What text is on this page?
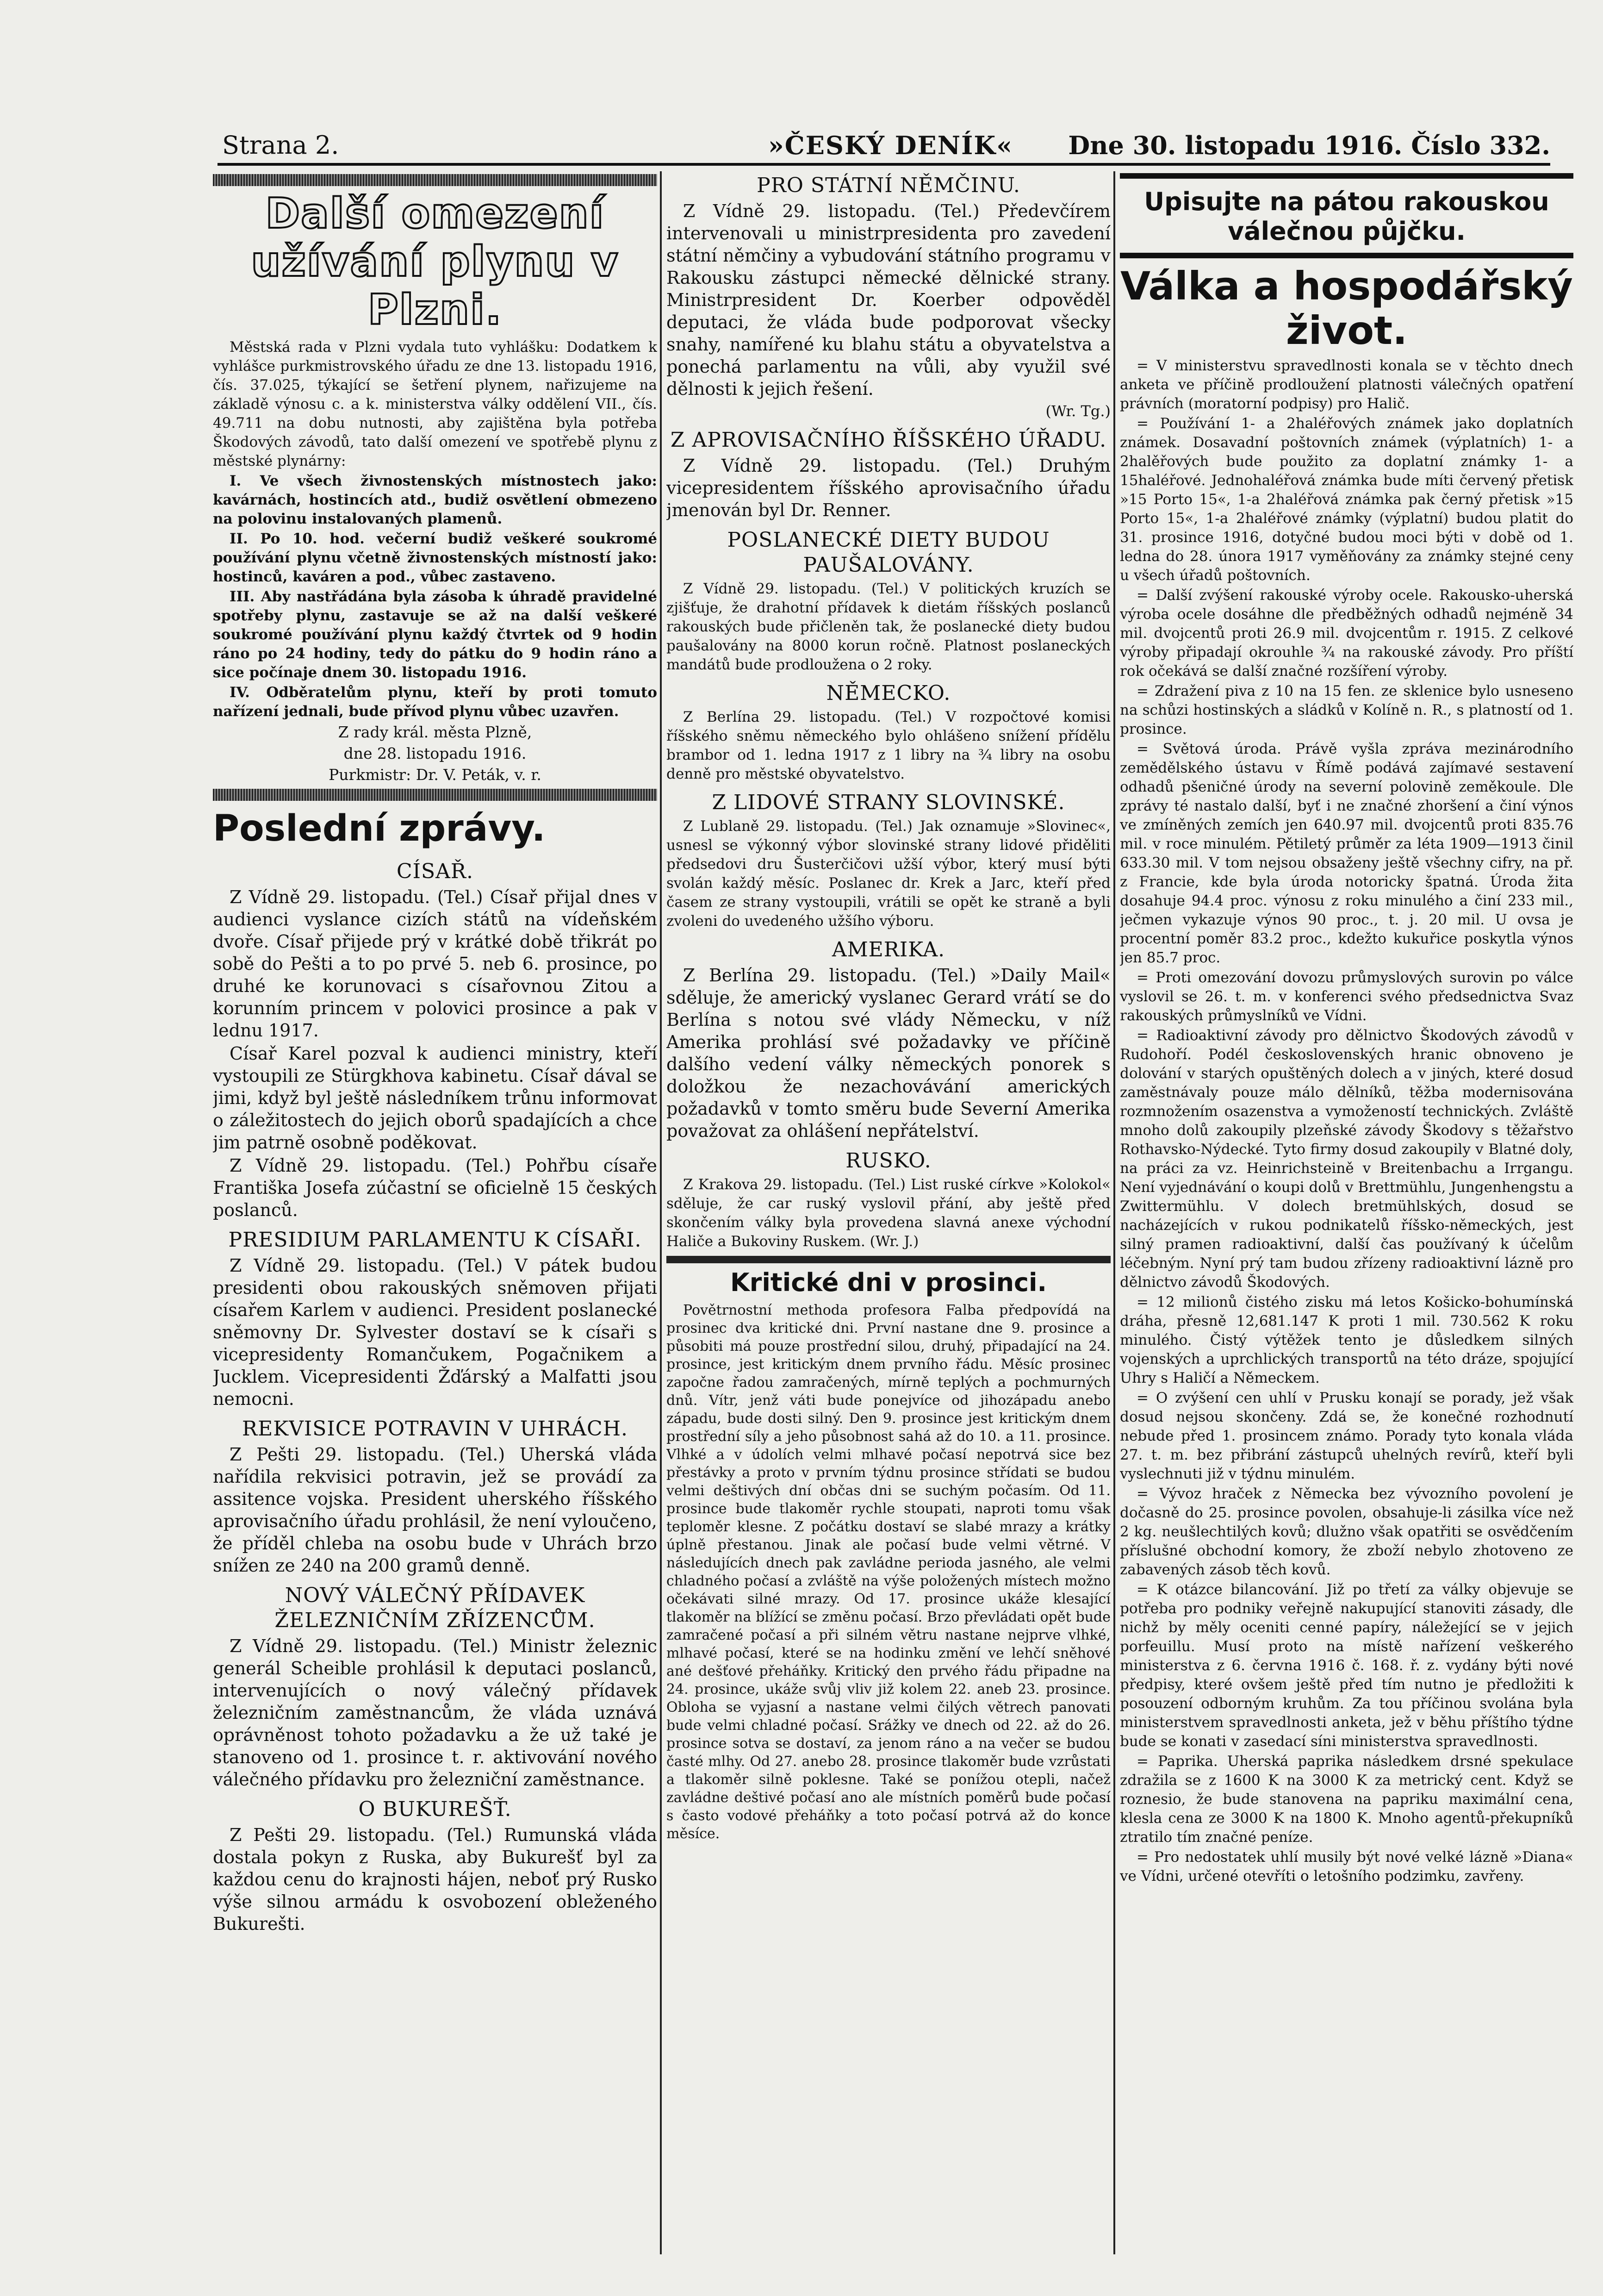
Strana 2.	»ČESKÝ DENÍK« Dne 30. listopadu 1916. Číslo 332.
Další omezení užívání plynu v Plzni.
Městská rada v Plzni vydala tuto vyhlášku: Dodatkem k vyhlášce purkmistrovského úřadu ze dne 13. listopadu 1916, čís. 37.025, týkající se šetření plynem, nařizujeme na základě výnosu c. a k. ministerstva války oddělení VII., čís. 49.711 na dobu nutnosti, aby zajištěna byla potřeba Škodových závodů, tato další omezení ve spotřebě plynu z městské plynárny:
I. Ve všech živnostenských místnostech jako: kavárnách, hostincích atd., budiž osvětlení obmezeno na polovinu instalovaných plamenů.
II. Po 10. hod. večerní budiž veškeré soukromé používání plynu včetně živnostenských místností jako: hostinců, kaváren a pod., vůbec zastaveno.
III. Aby nastřádána byla zásoba k úhradě pravidelné spotřeby plynu, zastavuje se až na další veškeré soukromé používání plynu každý čtvrtek od 9 hodin ráno po 24 hodiny, tedy do pátku do 9 hodin ráno a sice počínaje dnem 30. listopadu 1916.
IV. Odběratelům plynu, kteří by proti tomuto nařízení jednali, bude přívod plynu vůbec uzavřen.
Z rady král. města Plzně,
dne 28. listopadu 1916.
Purkmistr: Dr. V. Peták, v. r.
Poslední zprávy.
CÍSAŘ.
Z Vídně 29. listopadu. (Tel.) Císař přijal dnes v audienci vyslance cizích států na vídeňském dvoře. Císař přijede prý v krátké době třikrát po sobě do Pešti a to po prvé 5. neb 6. prosince, po druhé ke korunovaci s císařovnou Zitou a korunním princem v polovici prosince a pak v lednu 1917.
Císař Karel pozval k audienci ministry, kteří vystoupili ze Stürgkhova kabinetu. Císař dával se jimi, když byl ještě následníkem trůnu informovat o záležitostech do jejich oborů spadajících a chce jim patrně osobně poděkovat.
Z Vídně 29. listopadu. (Tel.) Pohřbu císaře Františka Josefa zúčastní se oficielně 15 českých poslanců.
PRESIDIUM PARLAMENTU K CÍSAŘI.
Z Vídně 29. listopadu. (Tel.) V pátek budou presidenti obou rakouských sněmoven přijati císařem Karlem v audienci. President poslanecké sněmovny Dr. Sylvester dostaví se k císaři s vicepresidenty Romančukem, Pogačnikem a Jucklem. Vicepresidenti Žďárský a Malfatti jsou nemocni.
REKVISICE POTRAVIN V UHRÁCH.
Z Pešti 29. listopadu. (Tel.) Uherská vláda nařídila rekvisici potravin, jež se provádí za assitence vojska. President uherského říšského aprovisačního úřadu prohlásil, že není vyloučeno, že příděl chleba na osobu bude v Uhrách brzo snížen ze 240 na 200 gramů denně.
NOVÝ VÁLEČNÝ PŘÍDAVEK ŽELEZNIČNÍM ZŘÍZENCŮM.
Z Vídně 29. listopadu. (Tel.) Ministr železnic generál Scheible prohlásil k deputaci poslanců, intervenujících o nový válečný přídavek železničním zaměstnancům, že vláda uznává oprávněnost tohoto požadavku a že už také je stanoveno od 1. prosince t. r. aktivování nového válečného přídavku pro železniční zaměstnance.
O BUKUREŠŤ.
Z Pešti 29. listopadu. (Tel.) Rumunská vláda dostala pokyn z Ruska, aby Bukurešť byl za každou cenu do krajnosti hájen, neboť prý Rusko výše silnou armádu k osvobození obleženého Bukurešti.
PRO STÁTNÍ NĚMČINU.
Z Vídně 29. listopadu. (Tel.) Předevčírem intervenovali u ministrpresidenta pro zavedení státní němčiny a vybudování státního programu v Rakousku zástupci německé dělnické strany. Ministrpresident Dr. Koerber odpověděl deputaci, že vláda bude podporovat všecky snahy, namířené ku blahu státu a obyvatelstva a ponechá parlamentu na vůli, aby využil své dělnosti k jejich řešení.
(Wr. Tg.)
Z APROVISAČNÍHO ŘÍŠSKÉHO ÚŘADU.
Z Vídně 29. listopadu. (Tel.) Druhým vicepresidentem říšského aprovisačního úřadu jmenován byl Dr. Renner.
POSLANECKÉ DIETY BUDOU PAUŠALOVÁNY.
Z Vídně 29. listopadu. (Tel.) V politických kruzích se zjišťuje, že drahotní přídavek k dietám říšských poslanců rakouských bude přičleněn tak, že poslanecké diety budou paušalovány na 8000 korun ročně. Platnost poslaneckých mandátů bude prodloužena o 2 roky.
NĚMECKO.
Z Berlína 29. listopadu. (Tel.) V rozpočtové komisi říšského sněmu německého bylo ohlášeno snížení přídělu brambor od 1. ledna 1917 z 1 libry na ¾ libry na osobu denně pro městské obyvatelstvo.
Z LIDOVÉ STRANY SLOVINSKÉ.
Z Lublaně 29. listopadu. (Tel.) Jak oznamuje »Slovinec«, usnesl se výkonný výbor slovinské strany lidové přiděliti předsedovi dru Šusterčičovi užší výbor, který musí býti svolán každý měsíc. Poslanec dr. Krek a Jarc, kteří před časem ze strany vystoupili, vrátili se opět ke straně a byli zvoleni do uvedeného užšího výboru.
AMERIKA.
Z Berlína 29. listopadu. (Tel.) »Daily Mail« sděluje, že americký vyslanec Gerard vrátí se do Berlína s notou své vlády Německu, v níž Amerika prohlásí své požadavky ve příčině dalšího vedení války německých ponorek s doložkou že nezachovávání amerických požadavků v tomto směru bude Severní Amerika považovat za ohlášení nepřátelství.
RUSKO.
Z Krakova 29. listopadu. (Tel.) List ruské církve »Kolokol« sděluje, že car ruský vyslovil přání, aby ještě před skončením války byla provedena slavná anexe východní Haliče a Bukoviny Ruskem. (Wr. J.)
Kritické dni v prosinci.
Povětrnostní methoda profesora Falba předpovídá na prosinec dva kritické dni. První nastane dne 9. prosince a působiti má pouze prostřední silou, druhý, připadající na 24. prosince, jest kritickým dnem prvního řádu. Měsíc prosinec započne řadou zamračených, mírně teplých a pochmurných dnů. Vítr, jenž váti bude ponejvíce od jihozápadu anebo západu, bude dosti silný. Den 9. prosince jest kritickým dnem prostřední síly a jeho působnost sahá až do 10. a 11. prosince. Vlhké a v údolích velmi mlhavé počasí nepotrvá sice bez přestávky a proto v prvním týdnu prosince střídati se budou velmi deštivých dní občas dni se suchým počasím. Od 11. prosince bude tlakoměr rychle stoupati, naproti tomu však teploměr klesne. Z počátku dostaví se slabé mrazy a krátky úplně přestanou. Jinak ale počasí bude velmi větrné. V následujících dnech pak zavládne perioda jasného, ale velmi chladného počasí a zvláště na výše položených místech možno očekávati silné mrazy. Od 17. prosince ukáže klesající tlakoměr na blížící se změnu počasí. Brzo převládati opět bude zamračené počasí a při silném větru nastane nejprve vlhké, mlhavé počasí, které se na hodinku změní ve lehčí sněhové ané dešťové přeháňky. Kritický den prvého řádu připadne na 24. prosince, ukáže svůj vliv již kolem 22. aneb 23. prosince. Obloha se vyjasní a nastane velmi čilých větrech panovati bude velmi chladné počasí. Srážky ve dnech od 22. až do 26. prosince sotva se dostaví, za jenom ráno a na večer se budou časté mlhy. Od 27. anebo 28. prosince tlakoměr bude vzrůstati a tlakoměr silně poklesne. Také se ponížou otepli, načež zavládne deštivé počasí ano ale místních poměrů bude počasí s často vodové přeháňky a toto počasí potrvá až do konce měsíce.
Upisujte na pátou rakouskou válečnou půjčku.
Válka a hospodářský život.
= V ministerstvu spravedlnosti konala se v těchto dnech anketa ve příčině prodloužení platnosti válečných opatření právních (moratorní podpisy) pro Halič.
= Používání 1- a 2haléřových známek jako doplatních známek. Dosavadní poštovních známek (výplatních) 1- a 2halěřových bude použito za doplatní známky 1- a 15haléřové. Jednohaléřová známka bude míti červený přetisk »15 Porto 15«, 1-a 2haléřová známka pak černý přetisk »15 Porto 15«, 1-a 2haléřové známky (výplatní) budou platit do 31. prosince 1916, dotyčné budou moci býti v době od 1. ledna do 28. února 1917 vyměňovány za známky stejné ceny u všech úřadů poštovních.
= Další zvýšení rakouské výroby ocele. Rakousko-uherská výroba ocele dosáhne dle předběžných odhadů nejméně 34 mil. dvojcentů proti 26.9 mil. dvojcentům r. 1915. Z celkové výroby připadají okrouhle ¾ na rakouské závody. Pro příští rok očekává se další značné rozšíření výroby.
= Zdražení piva z 10 na 15 fen. ze sklenice bylo usneseno na schůzi hostinských a sládků v Kolíně n. R., s platností od 1. prosince.
= Světová úroda. Právě vyšla zpráva mezinárodního zemědělského ústavu v Římě podává zajímavé sestavení odhadů pšeničné úrody na severní polovině zeměkoule. Dle zprávy té nastalo další, byť i ne značné zhoršení a činí výnos ve zmíněných zemích jen 640.97 mil. dvojcentů proti 835.76 mil. v roce minulém. Pětiletý průměr za léta 1909—1913 činil 633.30 mil. V tom nejsou obsaženy ještě všechny cifry, na př. z Francie, kde byla úroda notoricky špatná. Úroda žita dosahuje 94.4 proc. výnosu z roku minulého a činí 233 mil., ječmen vykazuje výnos 90 proc., t. j. 20 mil. U ovsa je procentní poměr 83.2 proc., kdežto kukuřice poskytla výnos jen 85.7 proc.
= Proti omezování dovozu průmyslových surovin po válce vyslovil se 26. t. m. v konferenci svého předsednictva Svaz rakouských průmyslníků ve Vídni.
= Radioaktivní závody pro dělnictvo Škodových závodů v Rudohoří. Podél československých hranic obnoveno je dolování v starých opuštěných dolech a v jiných, které dosud zaměstnávaly pouze málo dělníků, těžba modernisována rozmnožením osazenstva a vymožeností technických. Zvláště mnoho dolů zakoupily plzeňské závody Škodovy s těžařstvo Rothavsko-Nýdecké. Tyto firmy dosud zakoupily v Blatné doly, na práci za vz. Heinrichsteině v Breitenbachu a Irrgangu. Není vyjednávání o koupi dolů v Brettmühlu, Jungenhengstu a Zwittermühlu. V dolech bretmühlských, dosud se nacházejících v rukou podnikatelů říšsko-německých, jest silný pramen radioaktivní, další čas používaný k účelům léčebným. Nyní prý tam budou zřízeny radioaktivní lázně pro dělnictvo závodů Škodových.
= 12 milionů čistého zisku má letos Košicko-bohumínská dráha, přesně 12,681.147 K proti 1 mil. 730.562 K roku minulého. Čistý výtěžek tento je důsledkem silných vojenských a uprchlických transportů na této dráze, spojující Uhry s Haličí a Německem.
= O zvýšení cen uhlí v Prusku konají se porady, jež však dosud nejsou skončeny. Zdá se, že konečné rozhodnutí nebude před 1. prosincem známo. Porady tyto konala vláda 27. t. m. bez přibrání zástupců uhelných revírů, kteří byli vyslechnuti již v týdnu minulém.
= Vývoz hraček z Německa bez vývozního povolení je dočasně do 25. prosince povolen, obsahuje-li zásilka více než 2 kg. neušlechtilých kovů; dlužno však opatřiti se osvědčením příslušné obchodní komory, že zboží nebylo zhotoveno ze zabavených zásob těch kovů.
= K otázce bilancování. Již po třetí za války objevuje se potřeba pro podniky veřejně nakupující stanoviti zásady, dle nichž by měly oceniti cenné papíry, náležející se v jejich porfeuillu. Musí proto na místě nařízení veškerého ministerstva z 6. června 1916 č. 168. ř. z. vydány býti nové předpisy, které ovšem ještě před tím nutno je předložiti k posouzení odborným kruhům. Za tou příčinou svolána byla ministerstvem spravedlnosti anketa, jež v běhu příštího týdne bude se konati v zasedací síni ministerstva spravedlnosti.
= Paprika. Uherská paprika následkem drsné spekulace zdražila se z 1600 K na 3000 K za metrický cent. Když se roznesio, že bude stanovena na papriku maximální cena, klesla cena ze 3000 K na 1800 K. Mnoho agentů-překupníků ztratilo tím značné peníze.
= Pro nedostatek uhlí musily být nové velké lázně »Diana« ve Vídni, určené otevříti o letošního podzimku, zavřeny.
